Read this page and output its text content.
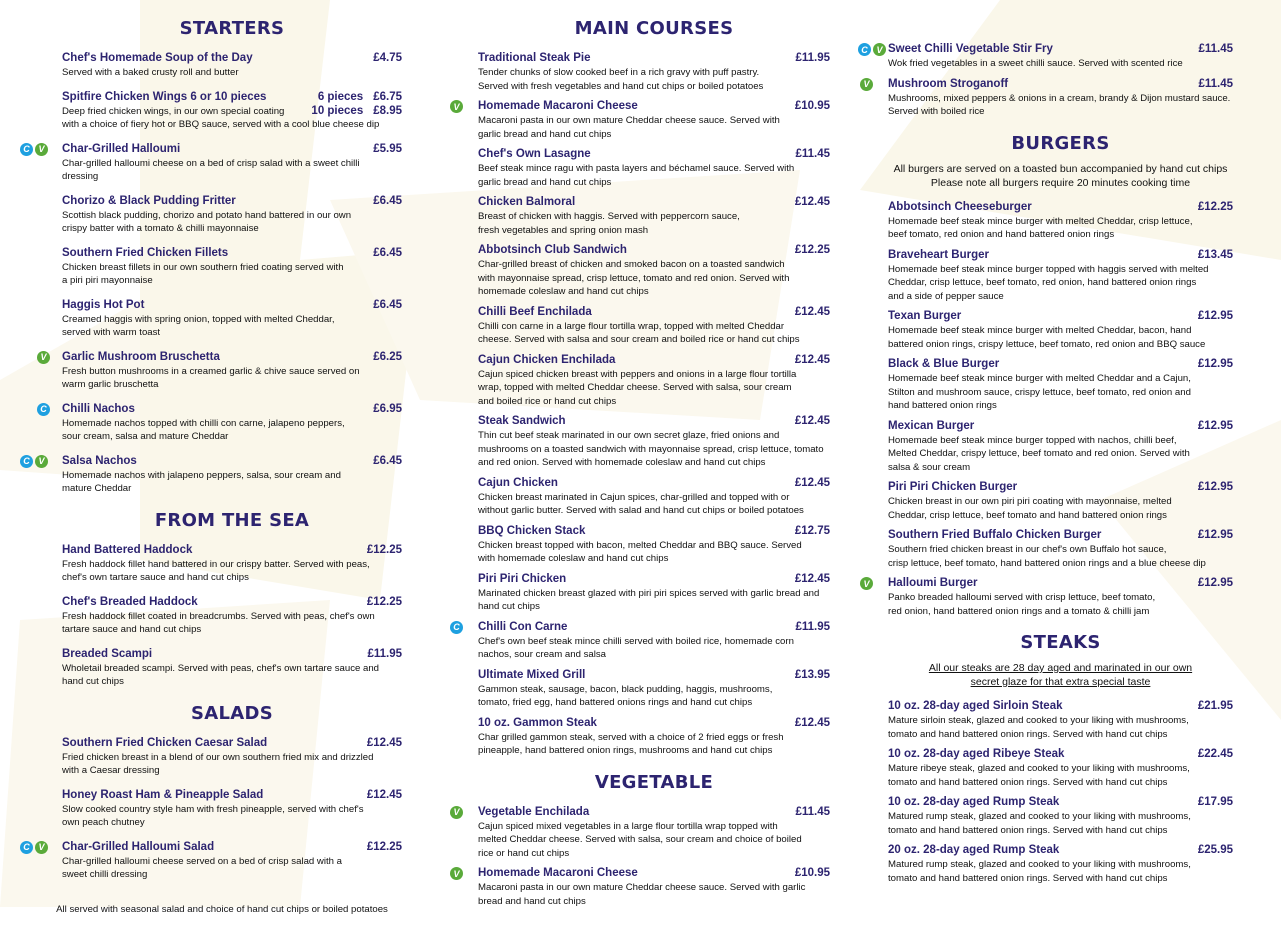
STARTERS
Chef's Homemade Soup of the Day	£4.75
Served with a baked crusty roll and butter
Spitfire Chicken Wings 6 or 10 pieces	6 pieces £6.75
10 pieces £8.95
Deep fried chicken wings, in our own special coating
with a choice of fiery hot or BBQ sauce, served with a cool blue cheese dip
C V	Char-Grilled Halloumi	£5.95
Char-grilled halloumi cheese on a bed of crisp salad with a sweet chilli
dressing
Chorizo & Black Pudding Fritter	£6.45
Scottish black pudding, chorizo and potato hand battered in our own
crispy batter with a tomato & chilli mayonnaise
Southern Fried Chicken Fillets	£6.45
Chicken breast fillets in our own southern fried coating served with
a piri piri mayonnaise
Haggis Hot Pot	£6.45
Creamed haggis with spring onion, topped with melted Cheddar,
served with warm toast
V	Garlic Mushroom Bruschetta	£6.25
Fresh button mushrooms in a creamed garlic & chive sauce served on
warm garlic bruschetta
C Chilli Nachos	£6.95
Homemade nachos topped with chilli con carne, jalapeno peppers,
sour cream, salsa and mature Cheddar
C V	Salsa Nachos	£6.45
Homemade nachos with jalapeno peppers, salsa, sour cream and
mature Cheddar
FROM THE SEA
Hand Battered Haddock	£12.25
Fresh haddock fillet hand battered in our crispy batter. Served with peas,
chef's own tartare sauce and hand cut chips
Chef's Breaded Haddock	£12.25
Fresh haddock fillet coated in breadcrumbs. Served with peas, chef's own
tartare sauce and hand cut chips
Breaded Scampi	£11.95
Wholetail breaded scampi. Served with peas, chef's own tartare sauce and
hand cut chips
SALADS
Southern Fried Chicken Caesar Salad	£12.45
Fried chicken breast in a blend of our own southern fried mix and drizzled
with a Caesar dressing
Honey Roast Ham & Pineapple Salad	£12.45
Slow cooked country style ham with fresh pineapple, served with chef's
own peach chutney
C V	Char-Grilled Halloumi Salad	£12.25
Char-grilled halloumi cheese served on a bed of crisp salad with a
sweet chilli dressing
All served with seasonal salad and choice of hand cut chips or boiled potatoes
MAIN COURSES
Traditional Steak Pie	£11.95
Tender chunks of slow cooked beef in a rich gravy with puff pastry.
Served with fresh vegetables and hand cut chips or boiled potatoes
V	Homemade Macaroni Cheese	£10.95
Macaroni pasta in our own mature Cheddar cheese sauce. Served with
garlic bread and hand cut chips
Chef's Own Lasagne	£11.45
Beef steak mince ragu with pasta layers and béchamel sauce. Served with
garlic bread and hand cut chips
Chicken Balmoral	£12.45
Breast of chicken with haggis. Served with peppercorn sauce,
fresh vegetables and spring onion mash
Abbotsinch Club Sandwich	£12.25
Char-grilled breast of chicken and smoked bacon on a toasted sandwich
with mayonnaise spread, crisp lettuce, tomato and red onion. Served with
homemade coleslaw and hand cut chips
Chilli Beef Enchilada	£12.45
Chilli con carne in a large flour tortilla wrap, topped with melted Cheddar
cheese. Served with salsa and sour cream and boiled rice or hand cut chips
Cajun Chicken Enchilada	£12.45
Cajun spiced chicken breast with peppers and onions in a large flour tortilla
wrap, topped with melted Cheddar cheese. Served with salsa, sour cream
and boiled rice or hand cut chips
Steak Sandwich	£12.45
Thin cut beef steak marinated in our own secret glaze, fried onions and
mushrooms on a toasted sandwich with mayonnaise spread, crisp lettuce, tomato
and red onion. Served with homemade coleslaw and hand cut chips
Cajun Chicken	£12.45
Chicken breast marinated in Cajun spices, char-grilled and topped with or
without garlic butter. Served with salad and hand cut chips or boiled potatoes
BBQ Chicken Stack	£12.75
Chicken breast topped with bacon, melted Cheddar and BBQ sauce. Served
with homemade coleslaw and hand cut chips
Piri Piri Chicken	£12.45
Marinated chicken breast glazed with piri piri spices served with garlic bread and
hand cut chips
C Chilli Con Carne	£11.95
Chef's own beef steak mince chilli served with boiled rice, homemade corn
nachos, sour cream and salsa
Ultimate Mixed Grill	£13.95
Gammon steak, sausage, bacon, black pudding, haggis, mushrooms,
tomato, fried egg, hand battered onions rings and hand cut chips
10 oz. Gammon Steak	£12.45
Char grilled gammon steak, served with a choice of 2 fried eggs or fresh
pineapple, hand battered onion rings, mushrooms and hand cut chips
VEGETABLE
V	Vegetable Enchilada	£11.45
Cajun spiced mixed vegetables in a large flour tortilla wrap topped with
melted Cheddar cheese. Served with salsa, sour cream and choice of boiled
rice or hand cut chips
V	Homemade Macaroni Cheese	£10.95
Macaroni pasta in our own mature Cheddar cheese sauce. Served with garlic
bread and hand cut chips
C V Sweet Chilli Vegetable Stir Fry	£11.45
Wok fried vegetables in a sweet chilli sauce. Served with scented rice
V	Mushroom Stroganoff	£11.45
Mushrooms, mixed peppers & onions in a cream, brandy & Dijon mustard sauce.
Served with boiled rice
BURGERS
All burgers are served on a toasted bun accompanied by hand cut chips
Please note all burgers require 20 minutes cooking time
Abbotsinch Cheeseburger	£12.25
Homemade beef steak mince burger with melted Cheddar, crisp lettuce,
beef tomato, red onion and hand battered onion rings
Braveheart Burger	£13.45
Homemade beef steak mince burger topped with haggis served with melted
Cheddar, crisp lettuce, beef tomato, red onion, hand battered onion rings
and a side of pepper sauce
Texan Burger	£12.95
Homemade beef steak mince burger with melted Cheddar, bacon, hand
battered onion rings, crispy lettuce, beef tomato, red onion and BBQ sauce
Black & Blue Burger	£12.95
Homemade beef steak mince burger with melted Cheddar and a Cajun,
Stilton and mushroom sauce, crispy lettuce, beef tomato, red onion and
hand battered onion rings
Mexican Burger	£12.95
Homemade beef steak mince burger topped with nachos, chilli beef,
Melted Cheddar, crispy lettuce, beef tomato and red onion. Served with
salsa & sour cream
Piri Piri Chicken Burger	£12.95
Chicken breast in our own piri piri coating with mayonnaise, melted
Cheddar, crisp lettuce, beef tomato and hand battered onion rings
Southern Fried Buffalo Chicken Burger	£12.95
Southern fried chicken breast in our chef's own Buffalo hot sauce,
crisp lettuce, beef tomato, hand battered onion rings and a blue cheese dip
V	Halloumi Burger	£12.95
Panko breaded halloumi served with crisp lettuce, beef tomato,
red onion, hand battered onion rings and a tomato & chilli jam
STEAKS
All our steaks are 28 day aged and marinated in our own
secret glaze for that extra special taste
10 oz. 28-day aged Sirloin Steak	£21.95
Mature sirloin steak, glazed and cooked to your liking with mushrooms,
tomato and hand battered onion rings. Served with hand cut chips
10 oz. 28-day aged Ribeye Steak	£22.45
Mature ribeye steak, glazed and cooked to your liking with mushrooms,
tomato and hand battered onion rings. Served with hand cut chips
10 oz. 28-day aged Rump Steak	£17.95
Matured rump steak, glazed and cooked to your liking with mushrooms,
tomato and hand battered onion rings. Served with hand cut chips
20 oz. 28-day aged Rump Steak	£25.95
Matured rump steak, glazed and cooked to your liking with mushrooms,
tomato and hand battered onion rings. Served with hand cut chips
